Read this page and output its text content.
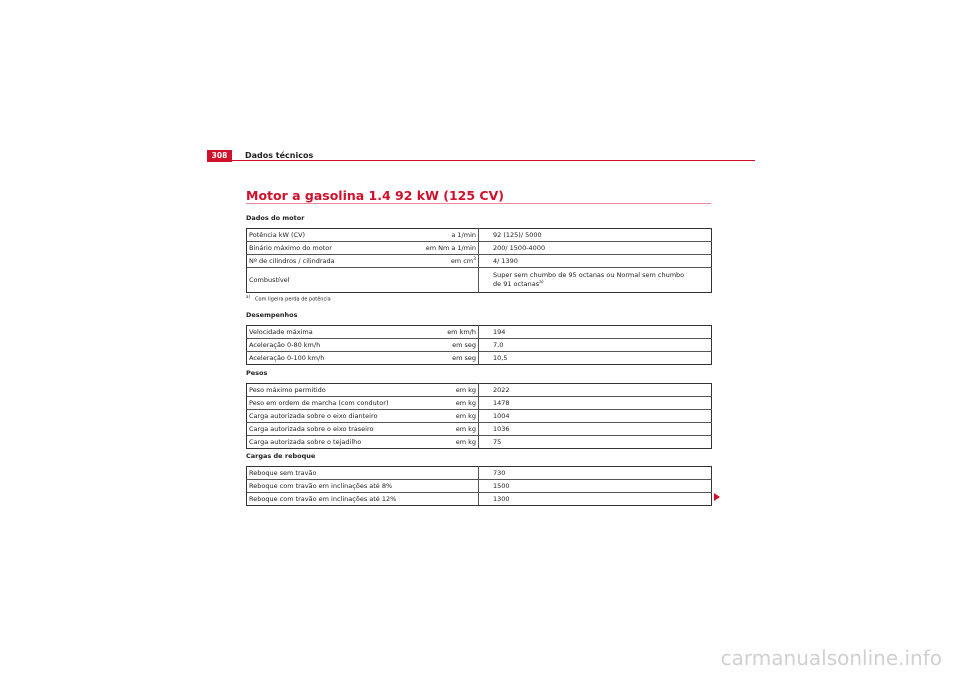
308	Dados técnicos
Motor a gasolina 1.4 92 kW (125 CV)
Dados do motor
Potência kW (CV)	a 1/min	92 (125)/ 5000
Binário máximo do motor	em Nm a 1/min	200/ 1500-4000
Nº de cilindros / cilindrada	em $cm^3$	4/ 1390
Combustível		Super sem chumbo de 95 octanas ou Normal sem chumbo
de 91 octanas$^{a)}$
$^{a)}$Com ligeira perda de potência
Desempenhos
Velocidade máxima	em km/h	194
Aceleração 0-80 km/h	em seg	7,0
Aceleração 0-100 km/h	em seg	10,5
Pesos
Peso máximo permitido	em kg	2022
Peso em ordem de marcha (com condutor)	em kg	1478
Carga autorizada sobre o eixo dianteiro	em kg	1004
Carga autorizada sobre o eixo traseiro	em kg	1036
Carga autorizada sobre o tejadilho	em kg	75
Cargas de reboque
Reboque sem travão	730
Reboque com travão em inclinações até 8%	1500
Reboque com travão em inclinações até 12%	1300
carmanualsonline.info
